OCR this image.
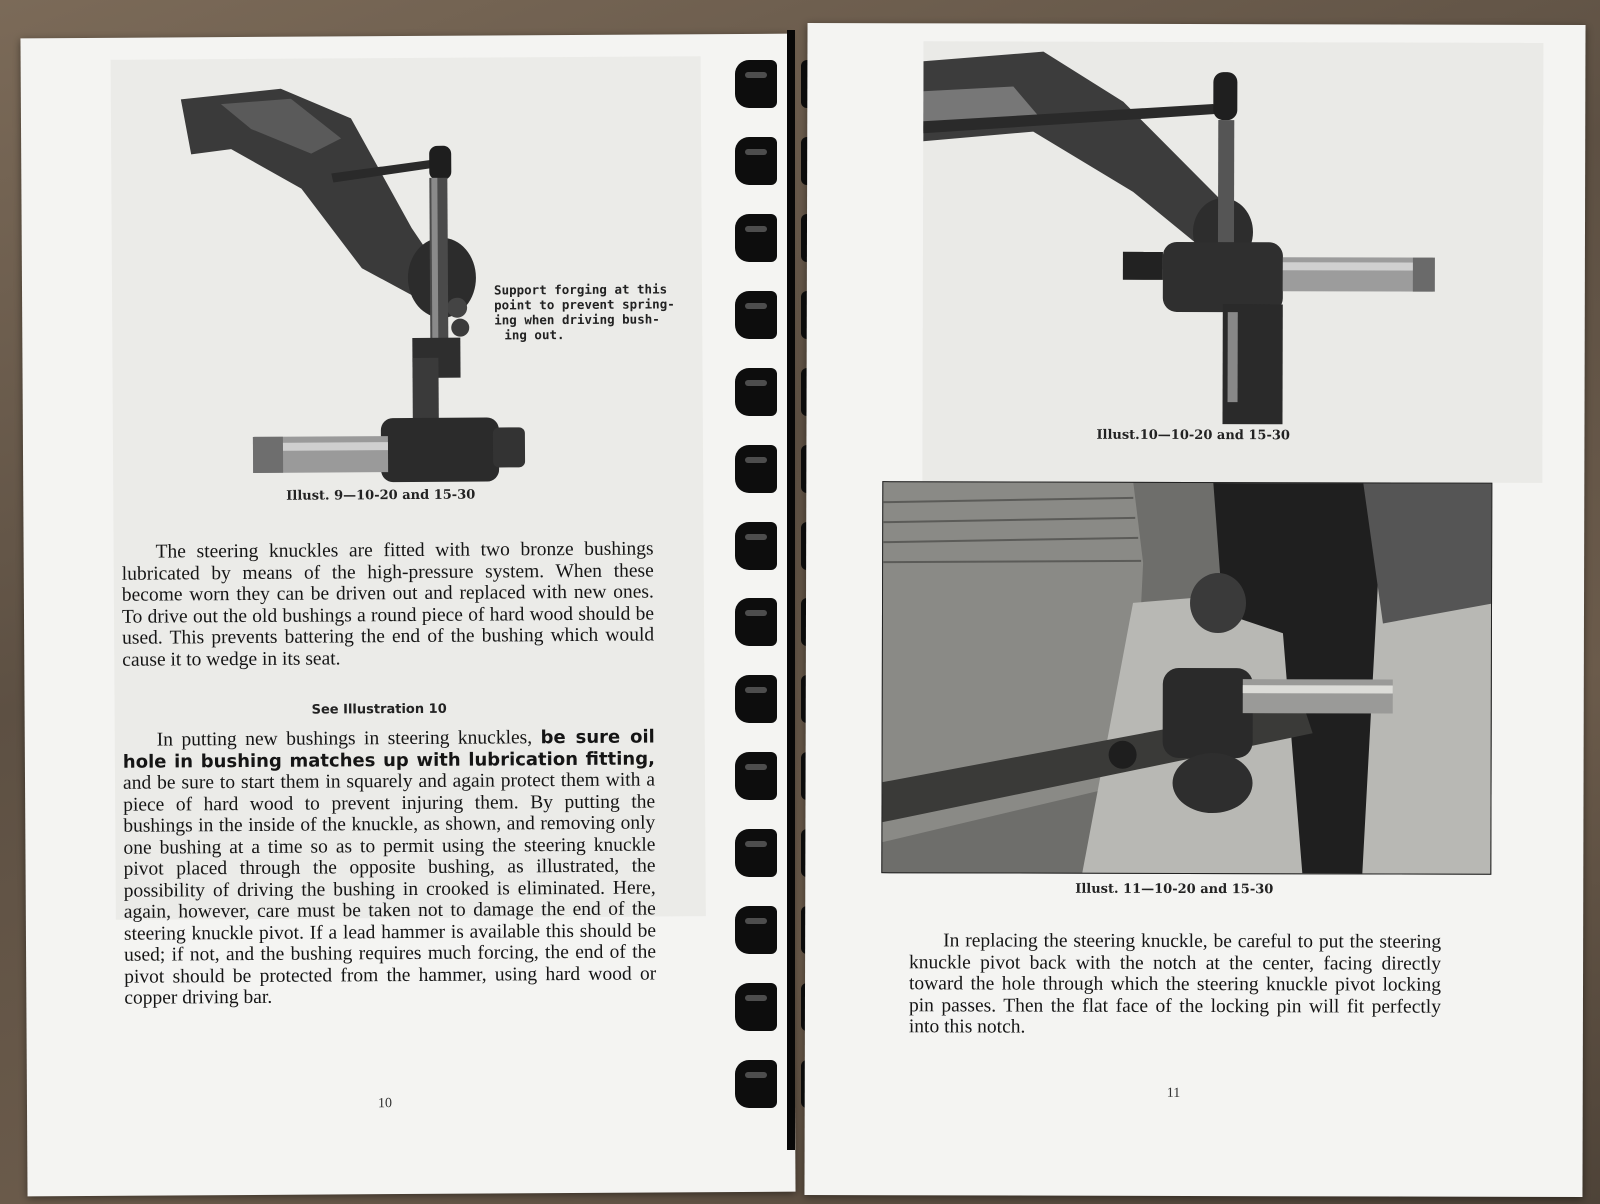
Support forging at this
point to prevent spring-
ing when driving bush-
ing out.
Illust. 9—10-20 and 15-30

The steering knuckles are fitted with two bronze bushings lubricated by means of the high-pressure system. When these become worn they can be driven out and replaced with new ones. To drive out the old bushings a round piece of hard wood should be used. This prevents battering the end of the bushing which would cause it to wedge in its seat.

See Illustration 10

In putting new bushings in steering knuckles, be sure oil hole in bushing matches up with lubrication fitting, and be sure to start them in squarely and again protect them with a piece of hard wood to prevent injuring them. By putting the bushings in the inside of the knuckle, as shown, and removing only one bushing at a time so as to permit using the steering knuckle pivot placed through the opposite bushing, as illustrated, the possibility of driving the bushing in crooked is eliminated. Here, again, however, care must be taken not to damage the end of the steering knuckle pivot. If a lead hammer is available this should be used; if not, and the bushing requires much forcing, the end of the pivot should be protected from the hammer, using hard wood or copper driving bar.

10
Illust.10—10-20 and 15-30
Illust. 11—10-20 and 15-30

In replacing the steering knuckle, be careful to put the steering knuckle pivot back with the notch at the center, facing directly toward the hole through which the steering knuckle pivot locking pin passes. Then the flat face of the locking pin will fit perfectly into this notch.

11
